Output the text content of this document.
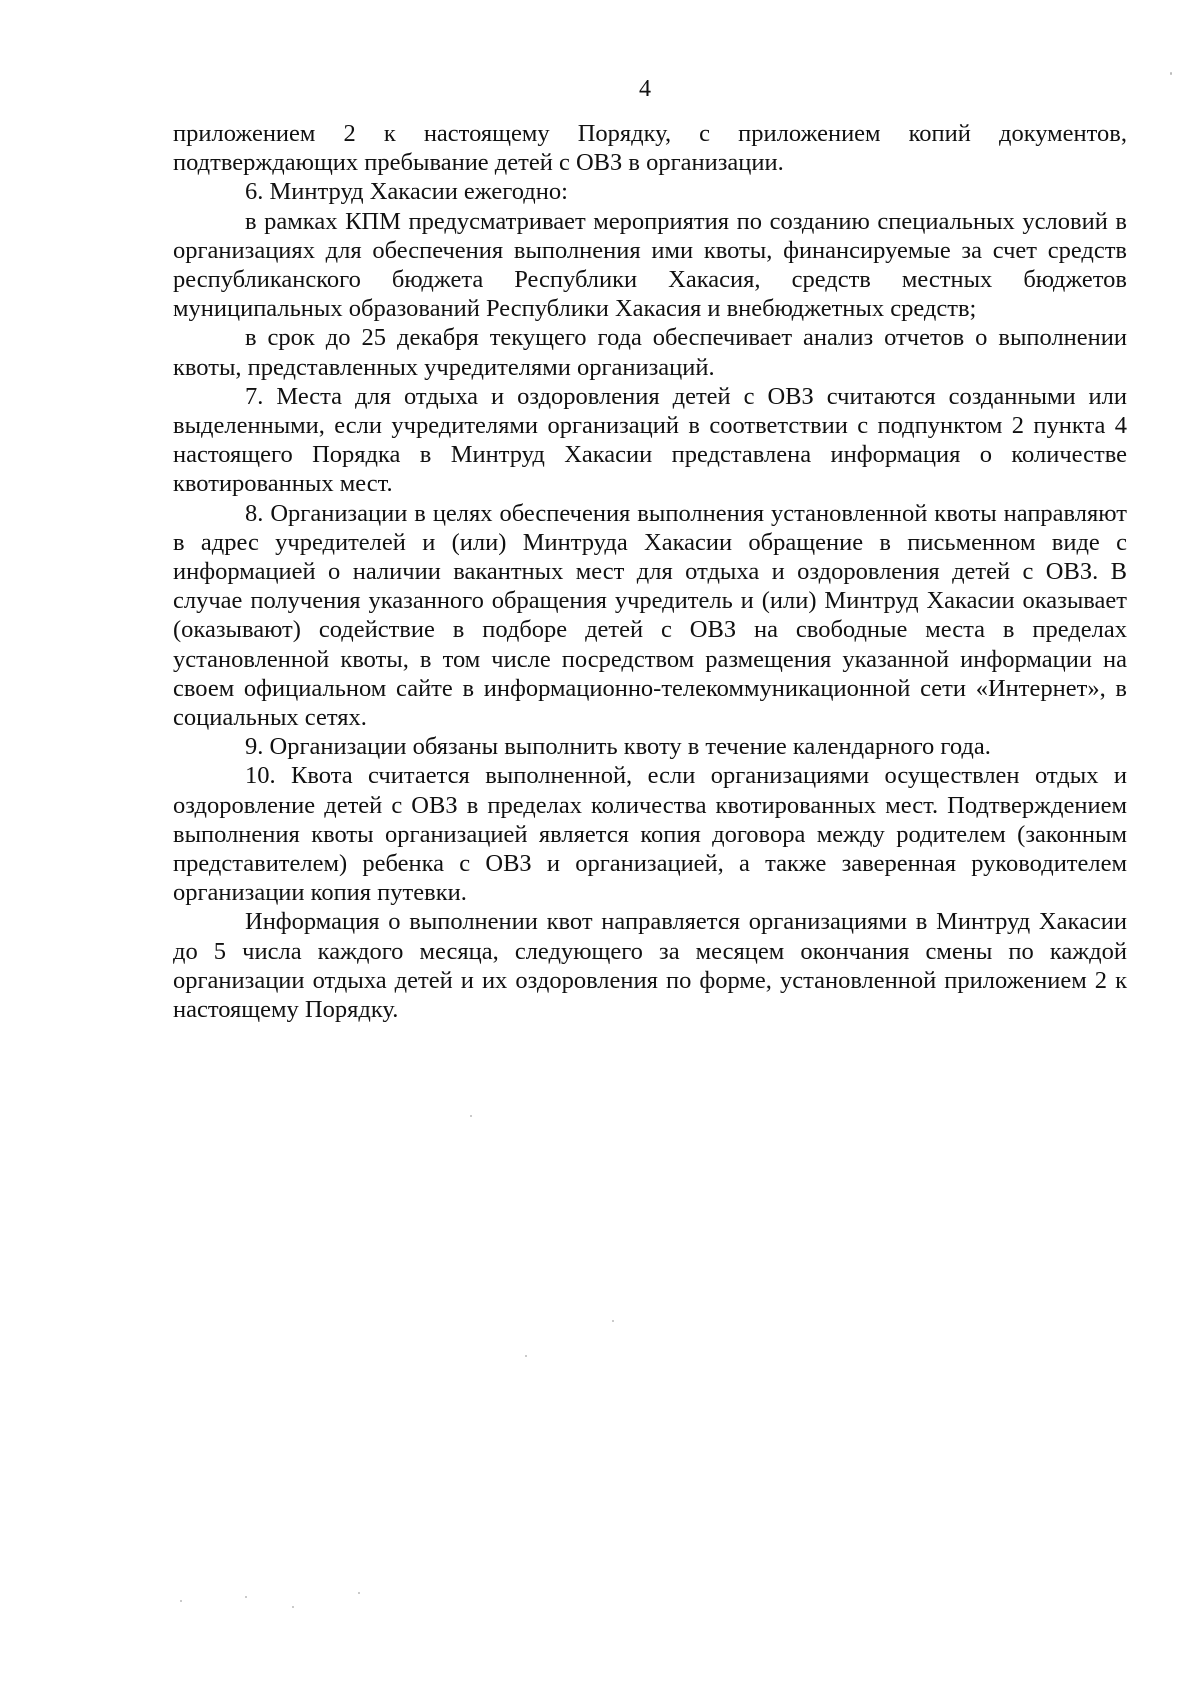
4

приложением 2 к настоящему Порядку, с приложением копий документов, подтверждающих пребывание детей с ОВЗ в организации.

6. Минтруд Хакасии ежегодно:

в рамках КПМ предусматривает мероприятия по созданию специальных условий в организациях для обеспечения выполнения ими квоты, финансируемые за счет средств республиканского бюджета Республики Хакасия, средств местных бюджетов муниципальных образований Республики Хакасия и внебюджетных средств;

в срок до 25 декабря текущего года обеспечивает анализ отчетов о выполнении квоты, представленных учредителями организаций.

7. Места для отдыха и оздоровления детей с ОВЗ считаются созданными или выделенными, если учредителями организаций в соответствии с подпунктом 2 пункта 4 настоящего Порядка в Минтруд Хакасии представлена информация о количестве квотированных мест.

8. Организации в целях обеспечения выполнения установленной квоты направляют в адрес учредителей и (или) Минтруда Хакасии обращение в письменном виде с информацией о наличии вакантных мест для отдыха и оздоровления детей с ОВЗ. В случае получения указанного обращения учредитель и (или) Минтруд Хакасии оказывает (оказывают) содействие в подборе детей с ОВЗ на свободные места в пределах установленной квоты, в том числе посредством размещения указанной информации на своем официальном сайте в информационно-телекоммуникационной сети «Интернет», в социальных сетях.

9. Организации обязаны выполнить квоту в течение календарного года.

10. Квота считается выполненной, если организациями осуществлен отдых и оздоровление детей с ОВЗ в пределах количества квотированных мест. Подтверждением выполнения квоты организацией является копия договора между родителем (законным представителем) ребенка с ОВЗ и организацией, а также заверенная руководителем организации копия путевки.

Информация о выполнении квот направляется организациями в Минтруд Хакасии до 5 числа каждого месяца, следующего за месяцем окончания смены по каждой организации отдыха детей и их оздоровления по форме, установленной приложением 2 к настоящему Порядку.
